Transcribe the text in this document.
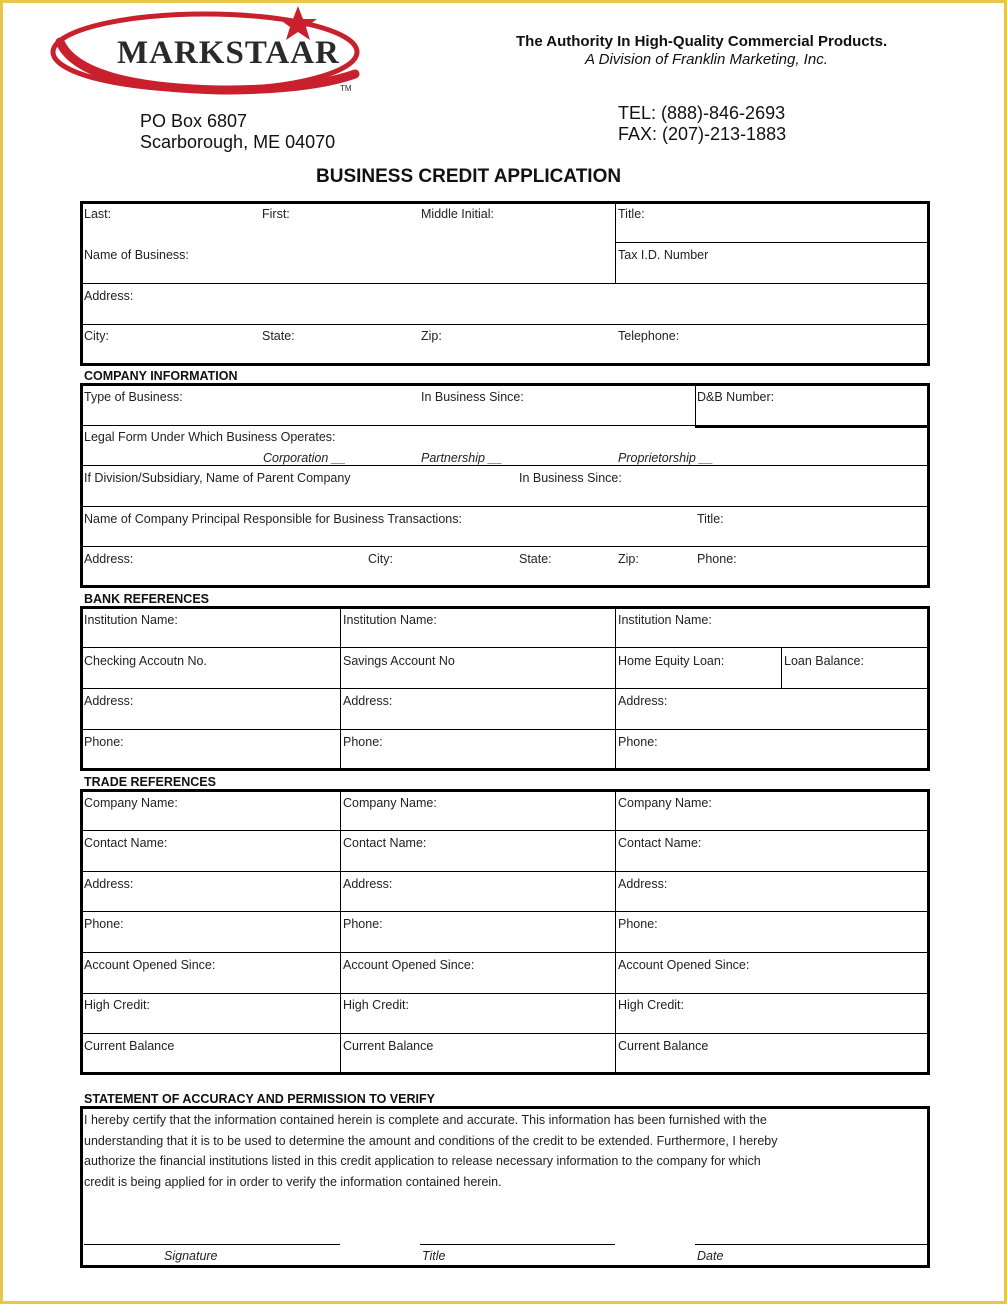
MARKSTAAR
TM
The Authority In High-Quality Commercial Products.
A Division of Franklin Marketing, Inc.
PO Box 6807
Scarborough, ME 04070
TEL: (888)-846-2693
FAX: (207)-213-1883
BUSINESS CREDIT APPLICATION
Last:	First:	Middle Initial:	Title:
Name of Business:	Tax I.D. Number
Address:
City:	State:	Zip:	Telephone:
COMPANY INFORMATION
Type of Business:	In Business Since:	D&B Number:
Legal Form Under Which Business Operates:
Corporation __	Partnership __	Proprietorship __
If Division/Subsidiary, Name of Parent Company	In Business Since:
Name of Company Principal Responsible for Business Transactions:	Title:
Address:	City:	State:	Zip:	Phone:
BANK REFERENCES
Institution Name:	Institution Name:	Institution Name:
Checking Accoutn No.	Savings Account No	Home Equity Loan:	Loan Balance:
Address:	Address:	Address:
Phone:	Phone:	Phone:
TRADE REFERENCES
Company Name:	Company Name:	Company Name:
Contact Name:	Contact Name:	Contact Name:
Address:	Address:	Address:
Phone:	Phone:	Phone:
Account Opened Since:	Account Opened Since:	Account Opened Since:
High Credit:	High Credit:	High Credit:
Current Balance	Current Balance	Current Balance
STATEMENT OF ACCURACY AND PERMISSION TO VERIFY
I hereby certify that the information contained herein is complete and accurate. This information has been furnished with the
understanding that it is to be used to determine the amount and conditions of the credit to be extended. Furthermore, I hereby
authorize the financial institutions listed in this credit application to release necessary information to the company for which
credit is being applied for in order to verify the information contained herein.
Signature	Title	Date
